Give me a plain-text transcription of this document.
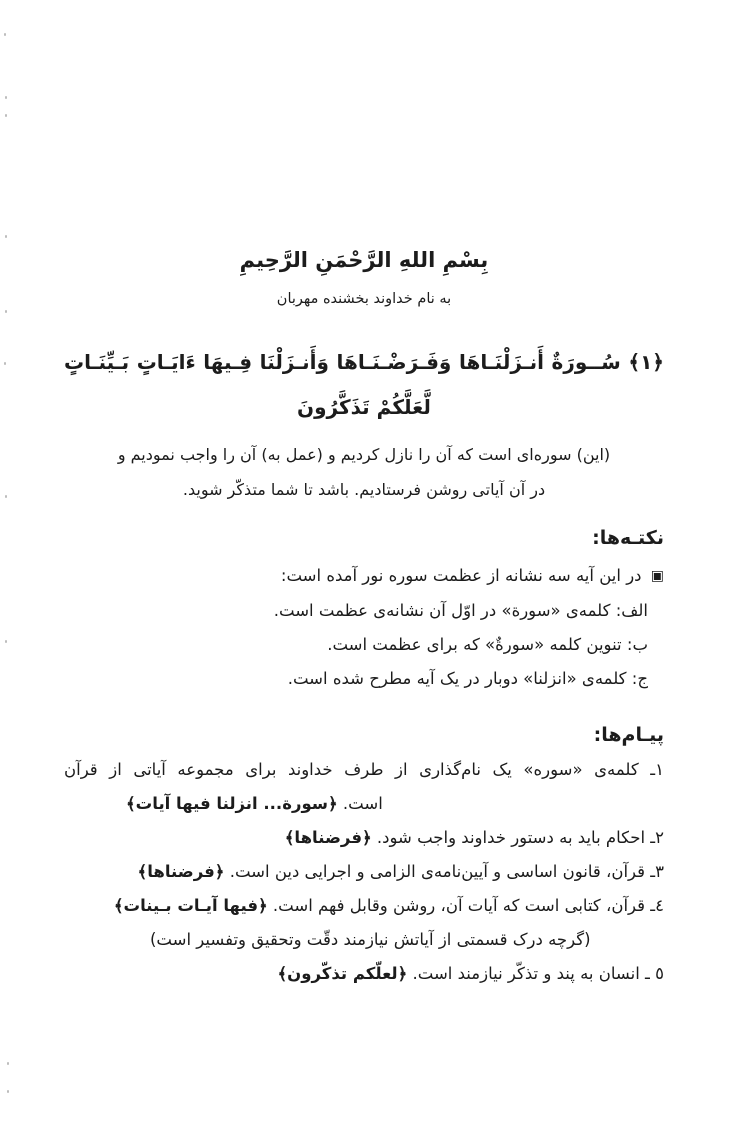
بِسْمِ اللهِ الرَّحْمَنِ الرَّحِيمِ
به نام خداوند بخشنده مهربان
﴿۱﴾ سُــورَةٌ أَنـزَلْنَـاهَا وَفَـرَضْـنَـاهَا وَأَنـزَلْنَا فِـيهَا ءَايَـاتٍ بَـيِّنَـاتٍ
لَّعَلَّكُمْ تَذَكَّرُونَ
(این) سوره‌ای است که آن را نازل کردیم و (عمل به) آن را واجب نمودیم و
در آن آیاتی روشن فرستادیم. باشد تا شما متذکّر شوید.
نکتـه‌ها:
▣ در این آیه سه نشانه از عظمت سوره نور آمده است:
الف: کلمه‌ی «سورة» در اوّل آن نشانه‌ی عظمت است.
ب: تنوین کلمه «سورةٌ» که برای عظمت است.
ج: کلمه‌ی «انزلنا» دوبار در یک آیه مطرح شده است.
پیـام‌ها:
۱ـ کلمه‌ی «سوره» یک نام‌گذاری از طرف خداوند برای مجموعه آیاتی از قرآن
است. ﴿سورة... انزلنا فیها آیات﴾
۲ـ احکام باید به دستور خداوند واجب شود. ﴿فرضناها﴾
۳ـ قرآن، قانون اساسی و آیین‌نامه‌ی الزامی و اجرایی دین است. ﴿فرضناها﴾
٤ـ قرآن، کتابی است که آیات آن، روشن وقابل فهم است. ﴿فیها آیـات بـینات﴾
(گرچه درک قسمتی از آیاتش نیازمند دقّت وتحقیق وتفسیر است)
٥ ـ انسان به پند و تذکّر نیازمند است. ﴿لعلّکم تذکّرون﴾
